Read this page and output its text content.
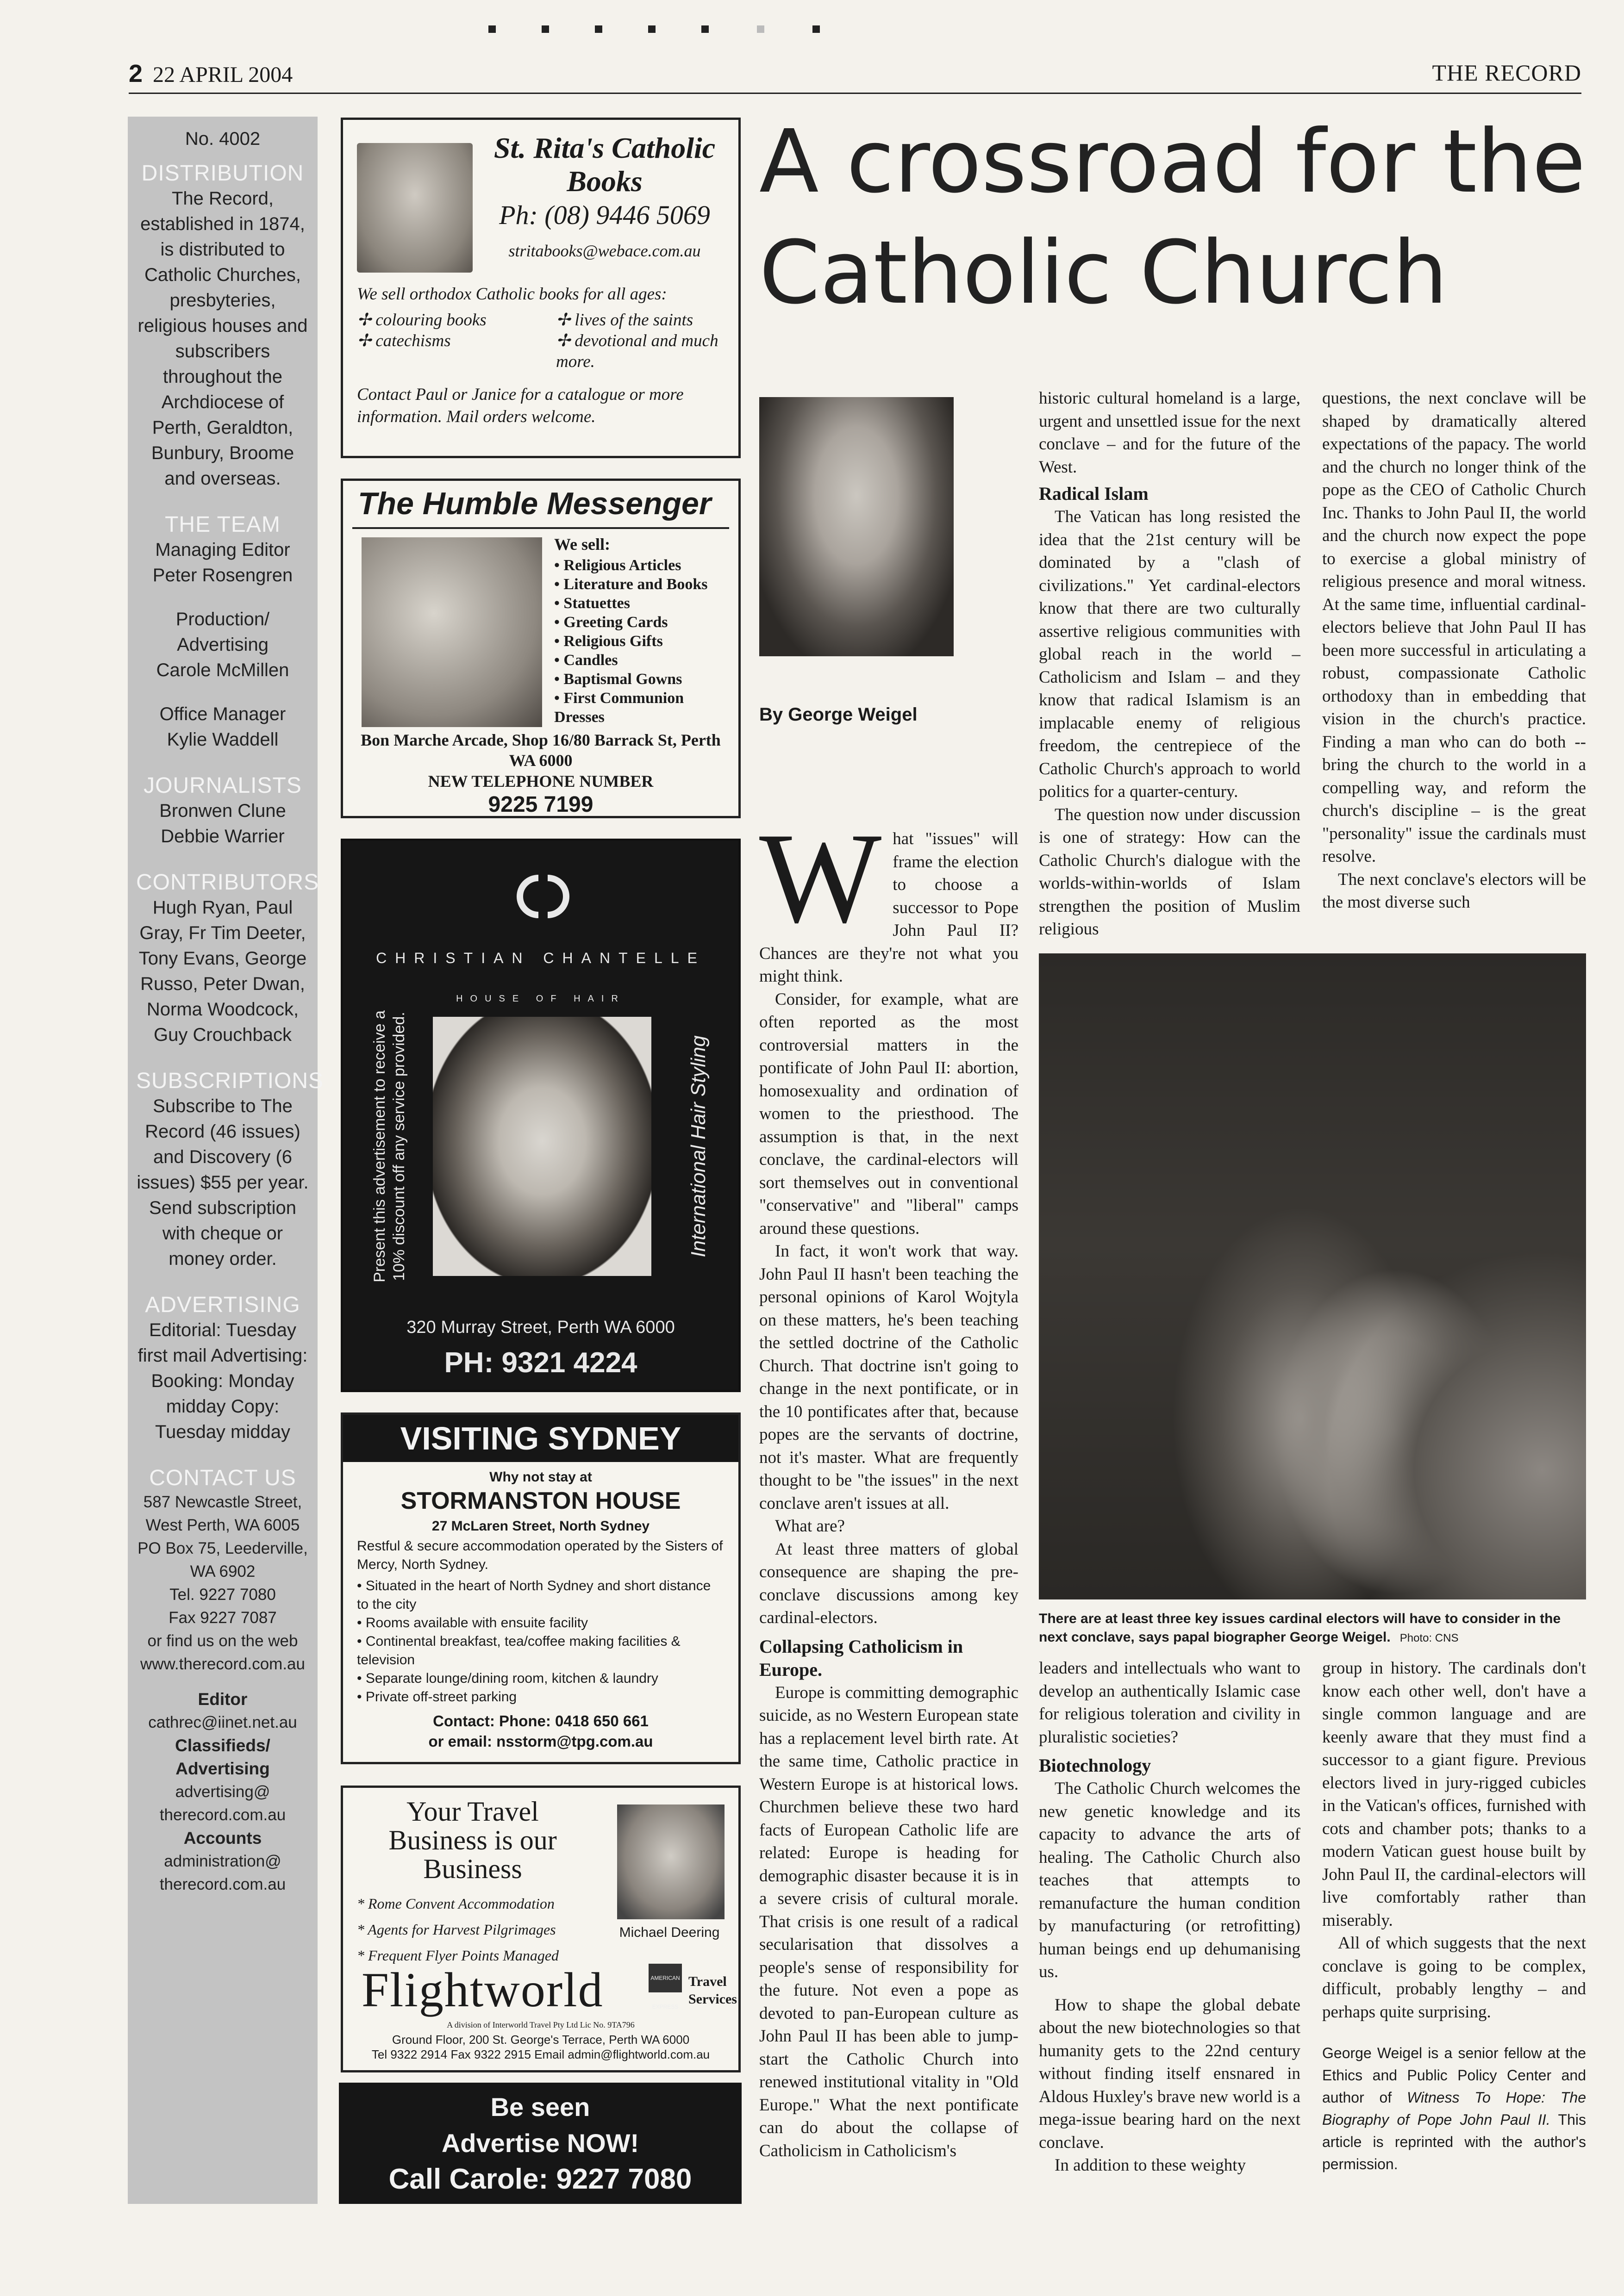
2 22 APRIL 2004	THE RECORD
No. 4002
DISTRIBUTION
The Record, established in 1874, is distributed to Catholic Churches, presbyteries, religious houses and subscribers throughout the Archdiocese of Perth, Geraldton, Bunbury, Broome and overseas.
THE TEAM
Managing Editor
Peter Rosengren
Production/ Advertising
Carole McMillen
Office Manager
Kylie Waddell
JOURNALISTS
Bronwen Clune
Debbie Warrier
CONTRIBUTORS
Hugh Ryan, Paul Gray, Fr Tim Deeter, Tony Evans, George Russo, Peter Dwan, Norma Woodcock, Guy Crouchback
SUBSCRIPTIONS
Subscribe to The Record (46 issues) and Discovery (6 issues) $55 per year. Send subscription with cheque or money order.
ADVERTISING
Editorial: Tuesday first mail Advertising: Booking: Monday midday Copy: Tuesday midday
CONTACT US
587 Newcastle Street, West Perth, WA 6005 PO Box 75, Leederville, WA 6902
Tel. 9227 7080
Fax 9227 7087
or find us on the web www.therecord.com.au
Editor
cathrec@iinet.net.au
Classifieds/ Advertising
advertising@ therecord.com.au
Accounts
administration@ therecord.com.au
St. Rita's Catholic Books
Ph: (08) 9446 5069
stritabooks@webace.com.au
We sell orthodox Catholic books for all ages:
✢ colouring books
✢ catechisms
✢ lives of the saints
✢ devotional and much more.
Contact Paul or Janice for a catalogue or more information. Mail orders welcome.
The Humble Messenger
We sell:
• Religious Articles
• Literature and Books
• Statuettes
• Greeting Cards
• Religious Gifts
• Candles
• Baptismal Gowns
• First Communion Dresses
Bon Marche Arcade, Shop 16/80 Barrack St, Perth WA 6000
NEW TELEPHONE NUMBER
9225 7199
CHRISTIAN CHANTELLE
HOUSE OF HAIR
Present this advertisement to receive a 10% discount off any service provided.	International Hair Styling
320 Murray Street, Perth WA 6000
PH: 9321 4224
VISITING SYDNEY
Why not stay at
STORMANSTON HOUSE
27 McLaren Street, North Sydney
Restful & secure accommodation operated by the Sisters of Mercy, North Sydney.
• Situated in the heart of North Sydney and short distance to the city
• Rooms available with ensuite facility
• Continental breakfast, tea/coffee making facilities & television
• Separate lounge/dining room, kitchen & laundry
• Private off-street parking
Contact: Phone: 0418 650 661
or email: nsstorm@tpg.com.au
Your Travel Business is our Business
Michael Deering
* Rome Convent Accommodation
* Agents for Harvest Pilgrimages
* Frequent Flyer Points Managed
Flightworld	AMERICAN EXPRESS
Travel Services
A division of Interworld Travel Pty Ltd Lic No. 9TA796
Ground Floor, 200 St. George's Terrace, Perth WA 6000
Tel 9322 2914 Fax 9322 2915 Email admin@flightworld.com.au
Be seen
Advertise NOW!
Call Carole: 9227 7080
A crossroad for the Catholic Church
By George Weigel
W hat "issues" will frame the election to choose a successor to Pope John Paul II? Chances are they're not what you might think.

Consider, for example, what are often reported as the most controversial matters in the pontificate of John Paul II: abortion, homosexuality and ordination of women to the priesthood. The assumption is that, in the next conclave, the cardinal-electors will sort themselves out in conventional "conservative" and "liberal" camps around these questions.

In fact, it won't work that way. John Paul II hasn't been teaching the personal opinions of Karol Wojtyla on these matters, he's been teaching the settled doctrine of the Catholic Church. That doctrine isn't going to change in the next pontificate, or in the 10 pontificates after that, because popes are the servants of doctrine, not it's master. What are frequently thought to be "the issues" in the next conclave aren't issues at all.

What are?

At least three matters of global consequence are shaping the pre-conclave discussions among key cardinal-electors.

Collapsing Catholicism in Europe.

Europe is committing demographic suicide, as no Western European state has a replacement level birth rate. At the same time, Catholic practice in Western Europe is at historical lows. Churchmen believe these two hard facts of European Catholic life are related: Europe is heading for demographic disaster because it is in a severe crisis of cultural morale. That crisis is one result of a radical secularisation that dissolves a people's sense of responsibility for the future. Not even a pope as devoted to pan-European culture as John Paul II has been able to jump-start the Catholic Church into renewed institutional vitality in "Old Europe." What the next pontificate can do about the collapse of Catholicism in Catholicism's

historic cultural homeland is a large, urgent and unsettled issue for the next conclave – and for the future of the West.

Radical Islam

The Vatican has long resisted the idea that the 21st century will be dominated by a "clash of civilizations." Yet cardinal-electors know that there are two culturally assertive religious communities with global reach in the world – Catholicism and Islam – and they know that radical Islamism is an implacable enemy of religious freedom, the centrepiece of the Catholic Church's approach to world politics for a quarter-century.

The question now under discussion is one of strategy: How can the Catholic Church's dialogue with the worlds-within-worlds of Islam strengthen the position of Muslim religious

questions, the next conclave will be shaped by dramatically altered expectations of the papacy. The world and the church no longer think of the pope as the CEO of Catholic Church Inc. Thanks to John Paul II, the world and the church now expect the pope to exercise a global ministry of religious presence and moral witness. At the same time, influential cardinal-electors believe that John Paul II has been more successful in articulating a robust, compassionate Catholic orthodoxy than in embedding that vision in the church's practice. Finding a man who can do both -- bring the church to the world in a compelling way, and reform the church's discipline – is the great "personality" issue the cardinals must resolve.

The next conclave's electors will be the most diverse such

There are at least three key issues cardinal electors will have to consider in the next conclave, says papal biographer George Weigel. Photo: CNS

leaders and intellectuals who want to develop an authentically Islamic case for religious toleration and civility in pluralistic societies?

Biotechnology

The Catholic Church welcomes the new genetic knowledge and its capacity to advance the arts of healing. The Catholic Church also teaches that attempts to remanufacture the human condition by manufacturing (or retrofitting) human beings end up dehumanising us.

How to shape the global debate about the new biotechnologies so that humanity gets to the 22nd century without finding itself ensnared in Aldous Huxley's brave new world is a mega-issue bearing hard on the next conclave.

In addition to these weighty

group in history. The cardinals don't know each other well, don't have a single common language and are keenly aware that they must find a successor to a giant figure. Previous electors lived in jury-rigged cubicles in the Vatican's offices, furnished with cots and chamber pots; thanks to a modern Vatican guest house built by John Paul II, the cardinal-electors will live comfortably rather than miserably.

All of which suggests that the next conclave is going to be complex, difficult, probably lengthy – and perhaps quite surprising.

George Weigel is a senior fellow at the Ethics and Public Policy Center and author of Witness To Hope: The Biography of Pope John Paul II. This article is reprinted with the author's permission.
